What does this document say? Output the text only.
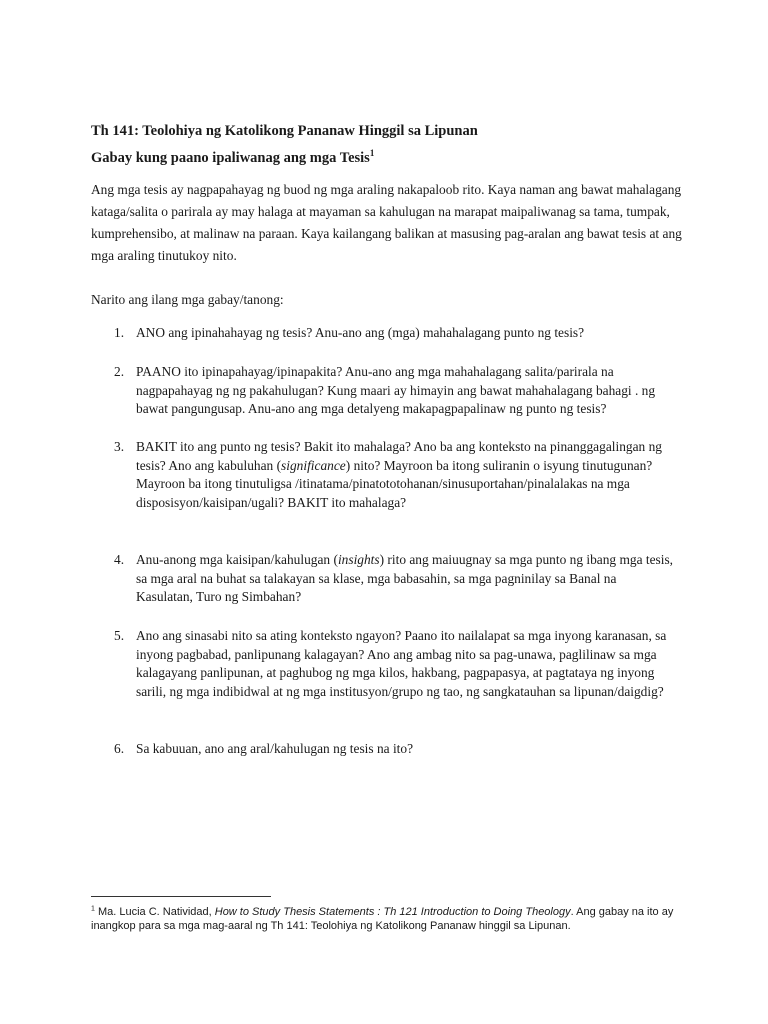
Th 141: Teolohiya ng Katolikong Pananaw Hinggil sa Lipunan

Gabay kung paano ipaliwanag ang mga Tesis$^1$

Ang mga tesis ay nagpapahayag ng buod ng mga araling nakapaloob rito. Kaya naman ang bawat mahalagang kataga/salita o parirala ay may halaga at mayaman sa kahulugan na marapat maipaliwanag sa tama, tumpak, kumprehensibo, at malinaw na paraan. Kaya kailangang balikan at masusing pag-aralan ang bawat tesis at ang mga araling tinutukoy nito.

Narito ang ilang mga gabay/tanong:

1. ANO ang ipinahahayag ng tesis? Anu-ano ang (mga) mahahalagang punto ng tesis?

2. PAANO ito ipinapahayag/ipinapakita? Anu-ano ang mga mahahalagang salita/parirala na nagpapahayag ng ng pakahulugan? Kung maari ay himayin ang bawat mahahalagang bahagi . ng bawat pangungusap. Anu-ano ang mga detalyeng makapagpapalinaw ng punto ng tesis?

3. BAKIT ito ang punto ng tesis? Bakit ito mahalaga? Ano ba ang konteksto na pinanggagalingan ng tesis? Ano ang kabuluhan (significance) nito? Mayroon ba itong suliranin o isyung tinutugunan? Mayroon ba itong tinutuligsa /itinatama/pinatototohanan/sinusuportahan/pinalalakas na mga disposisyon/kaisipan/ugali? BAKIT ito mahalaga?

4. Anu-anong mga kaisipan/kahulugan (insights) rito ang maiuugnay sa mga punto ng ibang mga tesis, sa mga aral na buhat sa talakayan sa klase, mga babasahin, sa mga pagninilay sa Banal na Kasulatan, Turo ng Simbahan?

5. Ano ang sinasabi nito sa ating konteksto ngayon? Paano ito nailalapat sa mga inyong karanasan, sa inyong pagbabad, panlipunang kalagayan? Ano ang ambag nito sa pag-unawa, paglilinaw sa mga kalagayang panlipunan, at paghubog ng mga kilos, hakbang, pagpapasya, at pagtataya ng inyong sarili, ng mga indibidwal at ng mga institusyon/grupo ng tao, ng sangkatauhan sa lipunan/daigdig?

6. Sa kabuuan, ano ang aral/kahulugan ng tesis na ito?

$^1$ Ma. Lucia C. Natividad, How to Study Thesis Statements : Th 121 Introduction to Doing Theology. Ang gabay na ito ay inangkop para sa mga mag-aaral ng Th 141: Teolohiya ng Katolikong Pananaw hinggil sa Lipunan.
